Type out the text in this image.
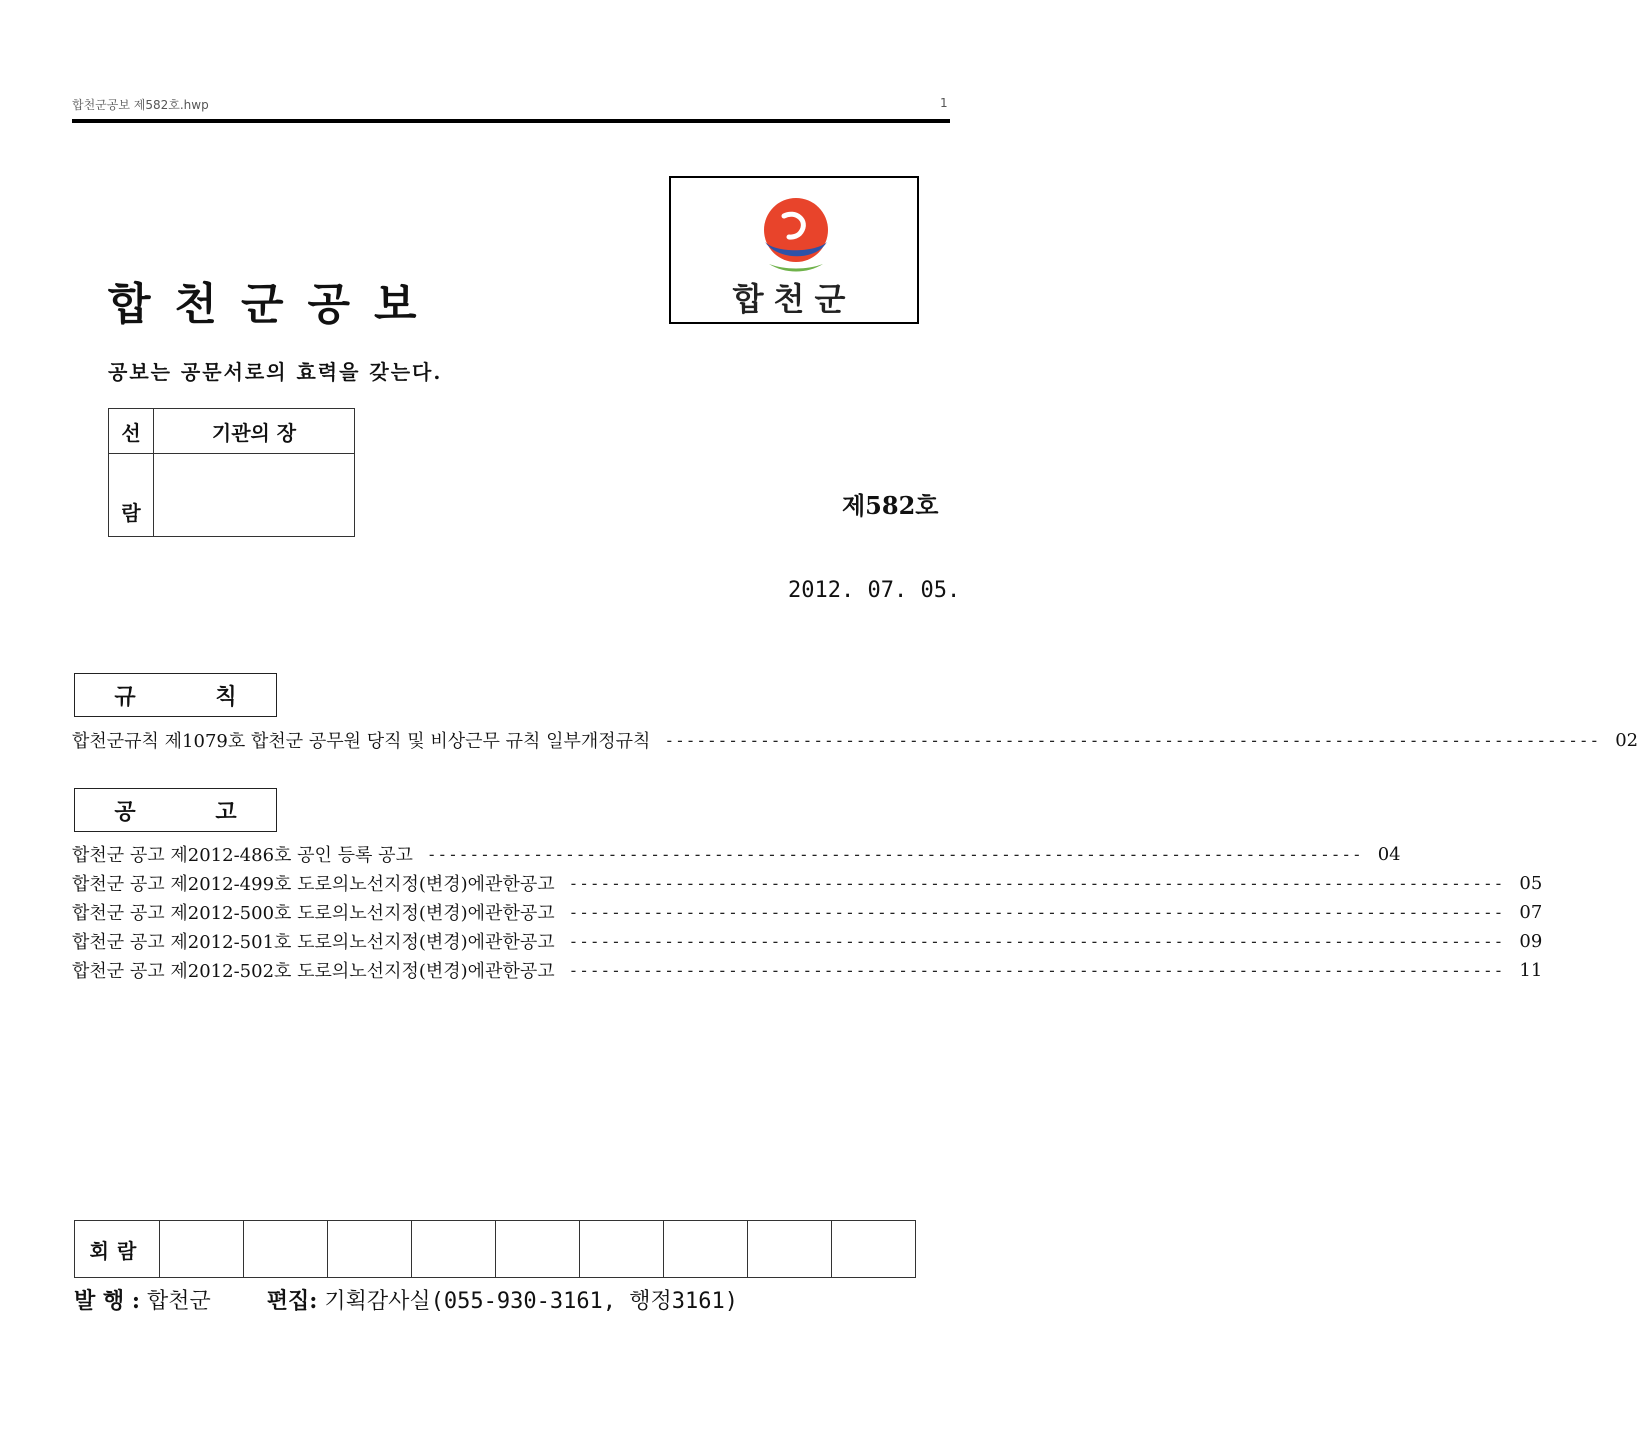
합천군공보 제582호.hwp	1
합천군공보
공보는 공문서로의 효력을 갖는다.
합천군
선	기관의 장
람		제582호
2012. 07. 05.
규 칙
합천군규칙 제1079호 합천군 공무원 당직 및 비상근무 규칙 일부개정규칙 ---------------------------------------------------------------------------------------- 02
공 고
합천군 공고 제2012-486호 공인 등록 공고 ---------------------------------------------------------------------------------------- 04
합천군 공고 제2012-499호 도로의노선지정(변경)에관한공고 ---------------------------------------------------------------------------------------- 05
합천군 공고 제2012-500호 도로의노선지정(변경)에관한공고 ---------------------------------------------------------------------------------------- 07
합천군 공고 제2012-501호 도로의노선지정(변경)에관한공고 ---------------------------------------------------------------------------------------- 09
합천군 공고 제2012-502호 도로의노선지정(변경)에관한공고 ---------------------------------------------------------------------------------------- 11
회람									
발 행 : 합천군	편집: 기획감사실(055-930-3161, 행정3161)
